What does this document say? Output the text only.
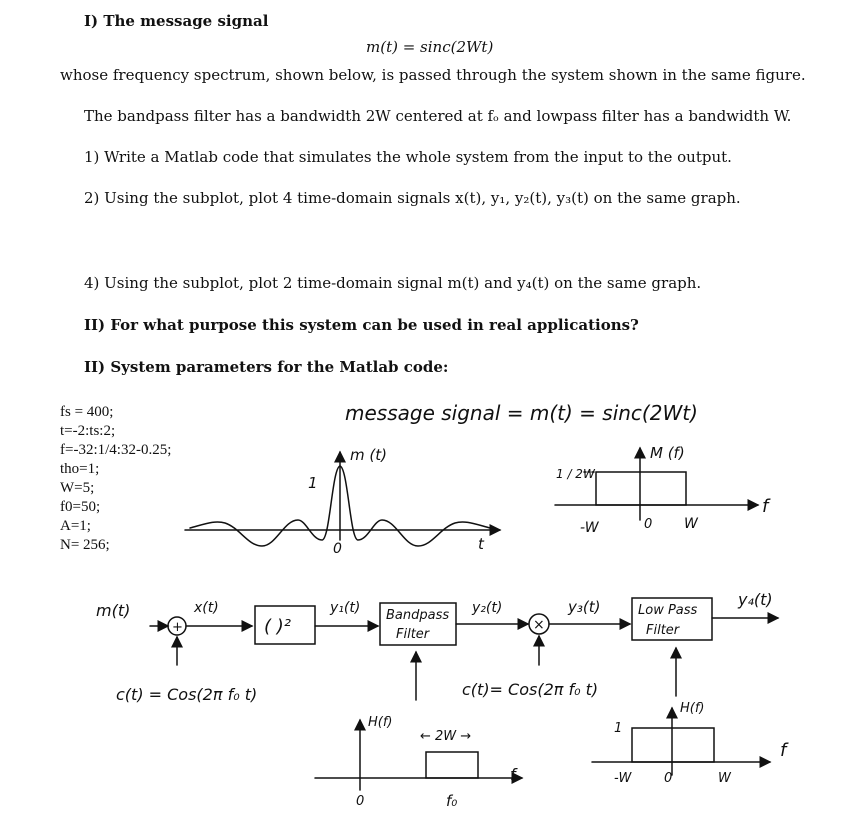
I) The message signal
m(t) = sinc(2Wt)
whose frequency spectrum, shown below, is passed through the system shown in the same figure.
The bandpass filter has a bandwidth 2W centered at fₒ and lowpass filter has a bandwidth W.
1) Write a Matlab code that simulates the whole system from the input to the output.
2) Using the subplot, plot 4 time-domain signals x(t), y₁, y₂(t), y₃(t) on the same graph.
4) Using the subplot, plot 2 time-domain signal m(t) and y₄(t) on the same graph.
II) For what purpose this system can be used in real applications?
II) System parameters for the Matlab code:
fs = 400;
t=-2:ts:2;
f=-32:1/4:32-0.25;
tho=1;
W=5;
f0=50;
A=1;
N= 256;
message signal = m(t) = sinc(2Wt)
m (t)
1
0	t
M (f)
1 / 2W
-W	0 W
f
m(t)
+
x(t)
( )²
y₁(t) Bandpass
Filter
y₂(t)
×
y₃(t)	Low Pass
Filter
y₄(t)
c(t) = Cos(2π f₀ t)	c(t)= Cos(2π f₀ t)
H(f)
← 2W →
0	f₀
f
H(f)
1
-W	0	W
f
